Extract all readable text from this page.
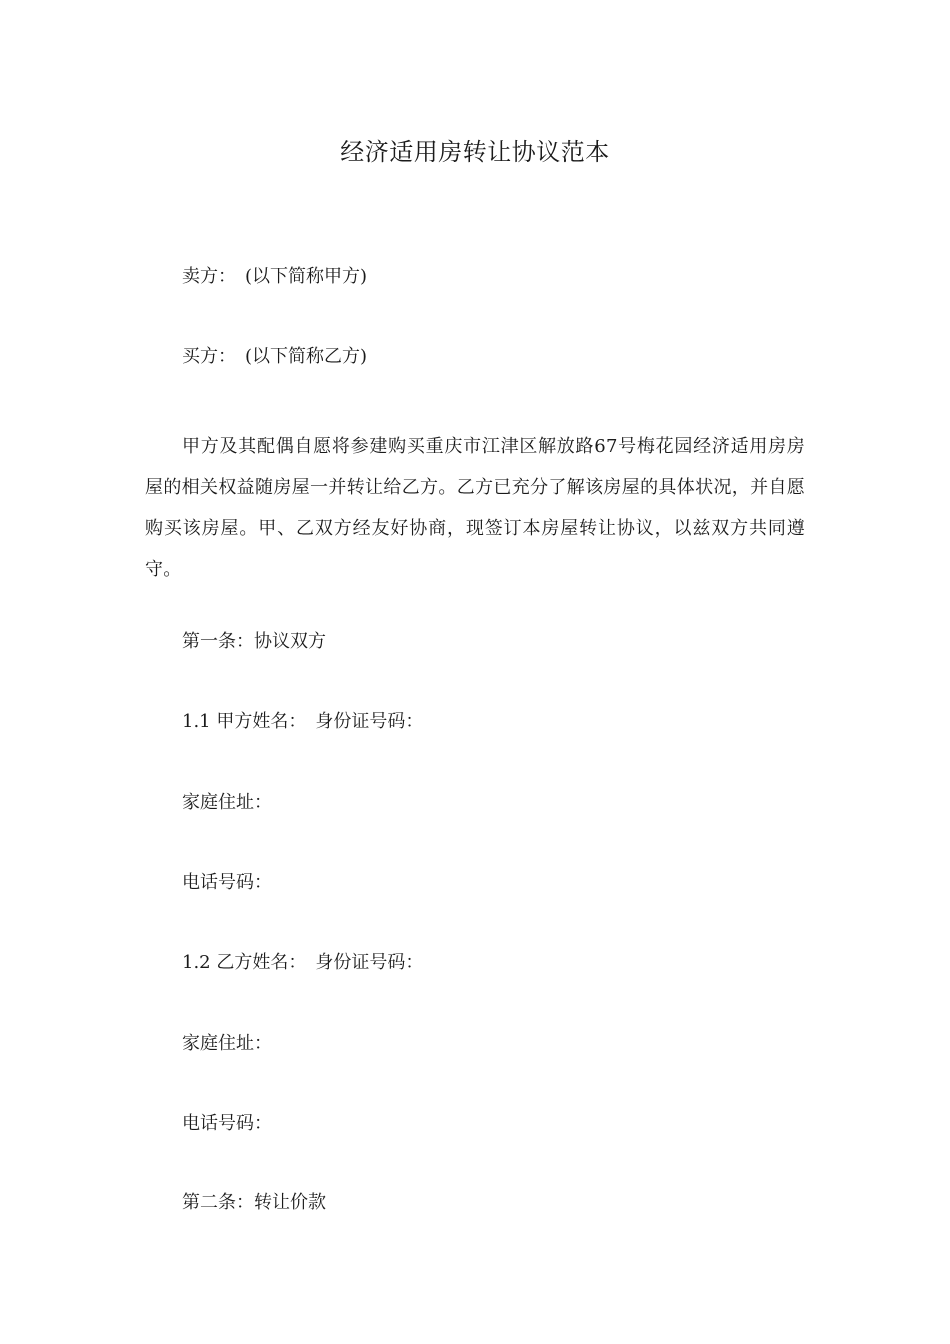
经济适用房转让协议范本
卖方：　(以下简称甲方)
买方：　(以下简称乙方)
甲方及其配偶自愿将参建购买重庆市江津区解放路67号梅花园经济适用房房屋的相关权益随房屋一并转让给乙方。乙方已充分了解该房屋的具体状况，并自愿购买该房屋。甲、乙双方经友好协商，现签订本房屋转让协议，以兹双方共同遵守。
第一条：协议双方
1.1 甲方姓名：　身份证号码：
家庭住址：
电话号码：
1.2 乙方姓名：　身份证号码：
家庭住址：
电话号码：
第二条：转让价款
